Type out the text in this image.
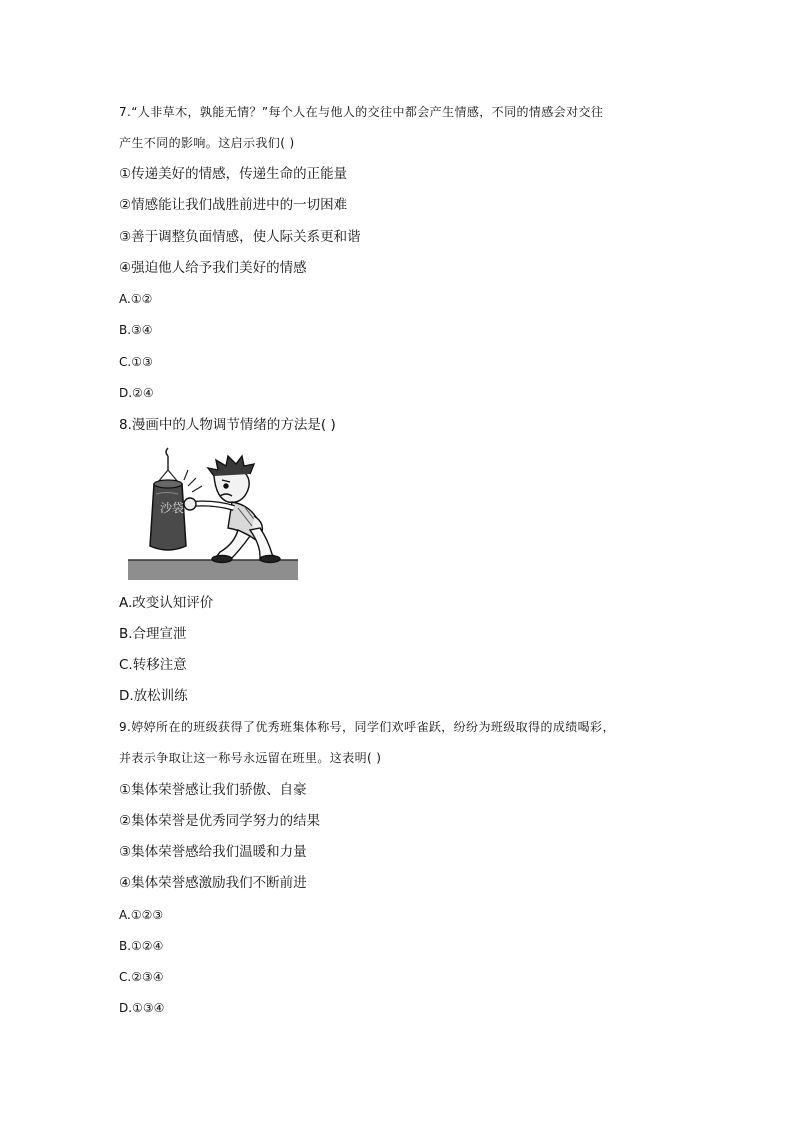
7.“人非草木，孰能无情？”每个人在与他人的交往中都会产生情感，不同的情感会对交往
产生不同的影响。这启示我们( )
①传递美好的情感，传递生命的正能量
②情感能让我们战胜前进中的一切困难
③善于调整负面情感，使人际关系更和谐
④强迫他人给予我们美好的情感
A.①②
B.③④
C.①③
D.②④
8.漫画中的人物调节情绪的方法是( )
沙袋
A.改变认知评价
B.合理宣泄
C.转移注意
D.放松训练
9.婷婷所在的班级获得了优秀班集体称号，同学们欢呼雀跃，纷纷为班级取得的成绩喝彩，
并表示争取让这一称号永远留在班里。这表明( )
①集体荣誉感让我们骄傲、自豪
②集体荣誉是优秀同学努力的结果
③集体荣誉感给我们温暖和力量
④集体荣誉感激励我们不断前进
A.①②③
B.①②④
C.②③④
D.①③④
